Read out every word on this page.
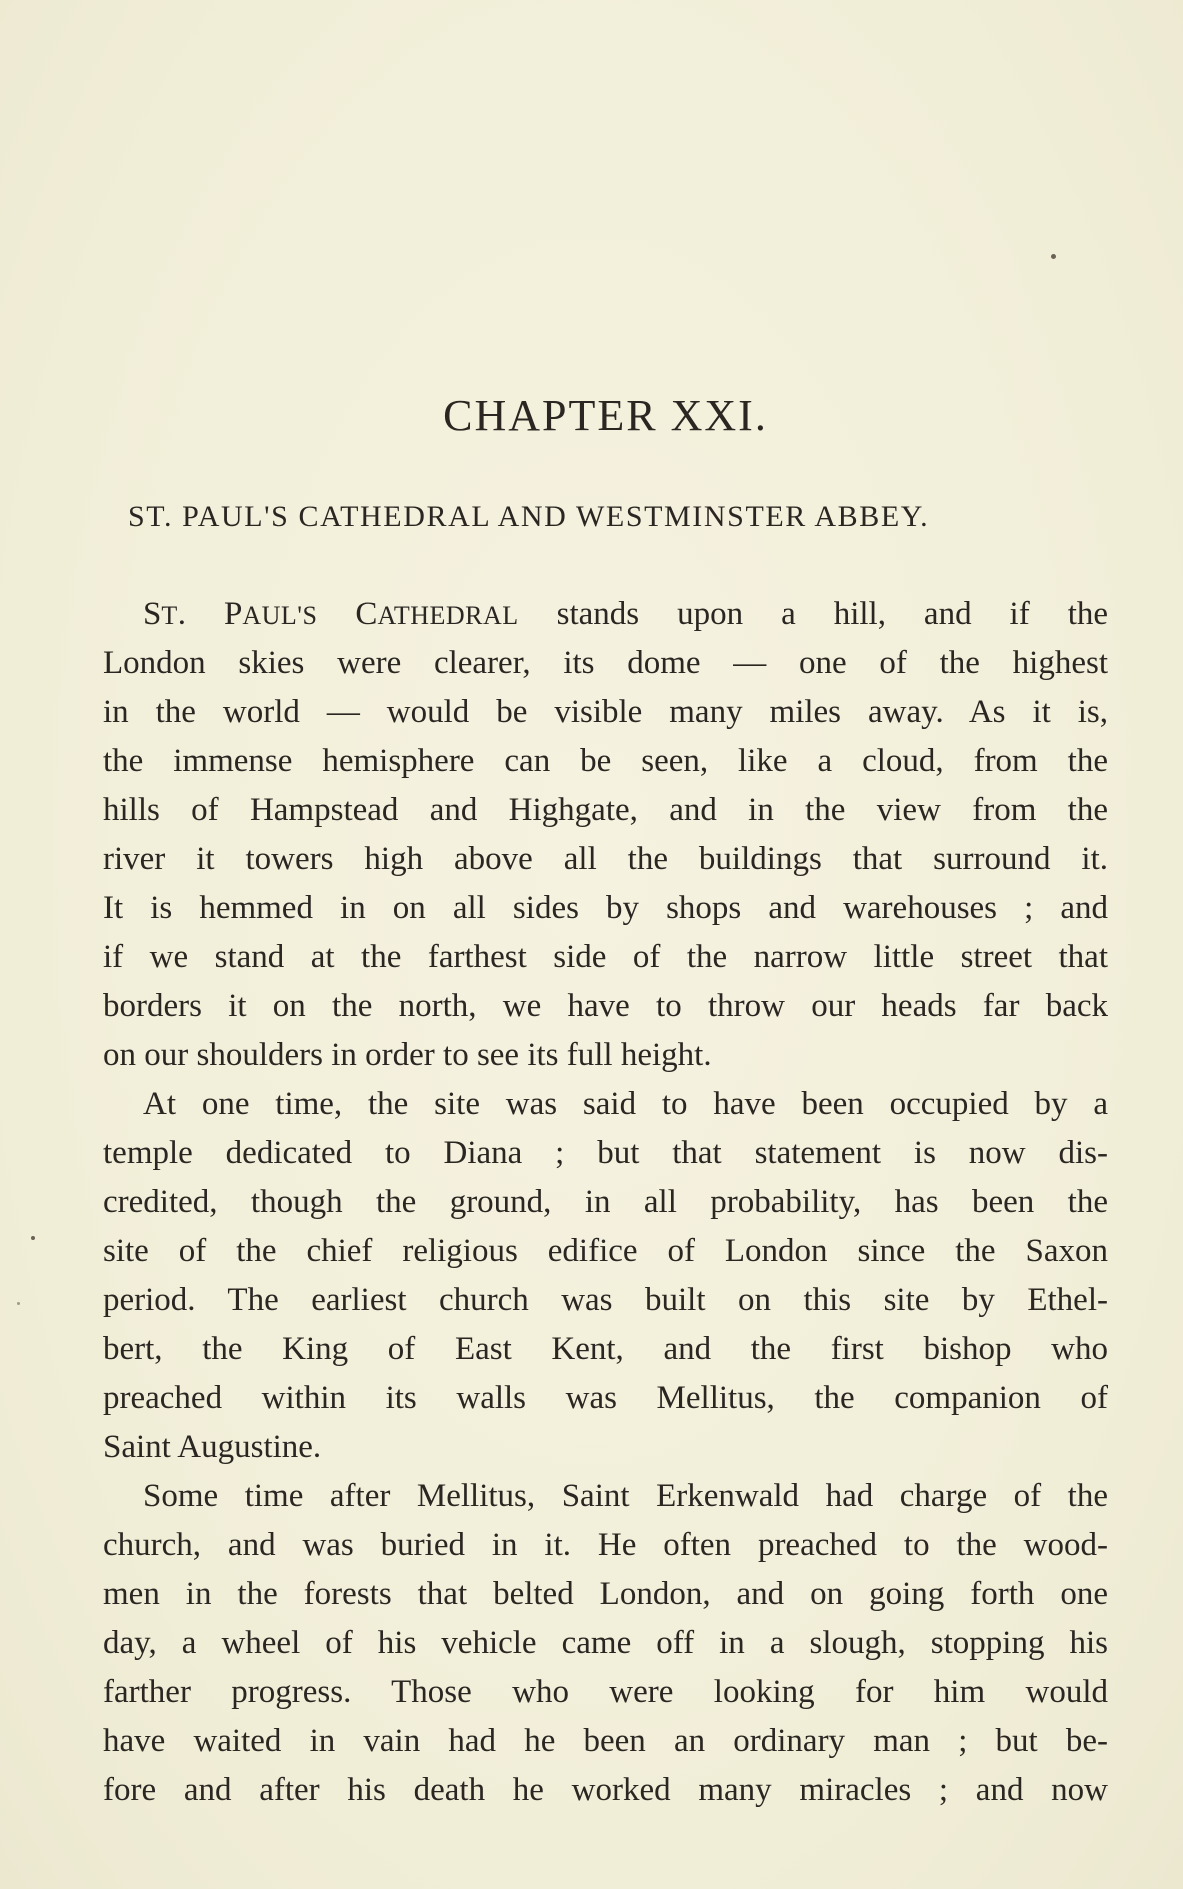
CHAPTER XXI.
ST. PAUL'S CATHEDRAL AND WESTMINSTER ABBEY.
ST. PAUL'S CATHEDRAL stands upon a hill, and if the
London skies were clearer, its dome — one of the highest
in the world — would be visible many miles away. As it is,
the immense hemisphere can be seen, like a cloud, from the
hills of Hampstead and Highgate, and in the view from the
river it towers high above all the buildings that surround it.
It is hemmed in on all sides by shops and warehouses ; and
if we stand at the farthest side of the narrow little street that
borders it on the north, we have to throw our heads far back
on our shoulders in order to see its full height.
At one time, the site was said to have been occupied by a
temple dedicated to Diana ; but that statement is now dis-
credited, though the ground, in all probability, has been the
site of the chief religious edifice of London since the Saxon
period. The earliest church was built on this site by Ethel-
bert, the King of East Kent, and the first bishop who
preached within its walls was Mellitus, the companion of
Saint Augustine.
Some time after Mellitus, Saint Erkenwald had charge of the
church, and was buried in it. He often preached to the wood-
men in the forests that belted London, and on going forth one
day, a wheel of his vehicle came off in a slough, stopping his
farther progress. Those who were looking for him would
have waited in vain had he been an ordinary man ; but be-
fore and after his death he worked many miracles ; and now
